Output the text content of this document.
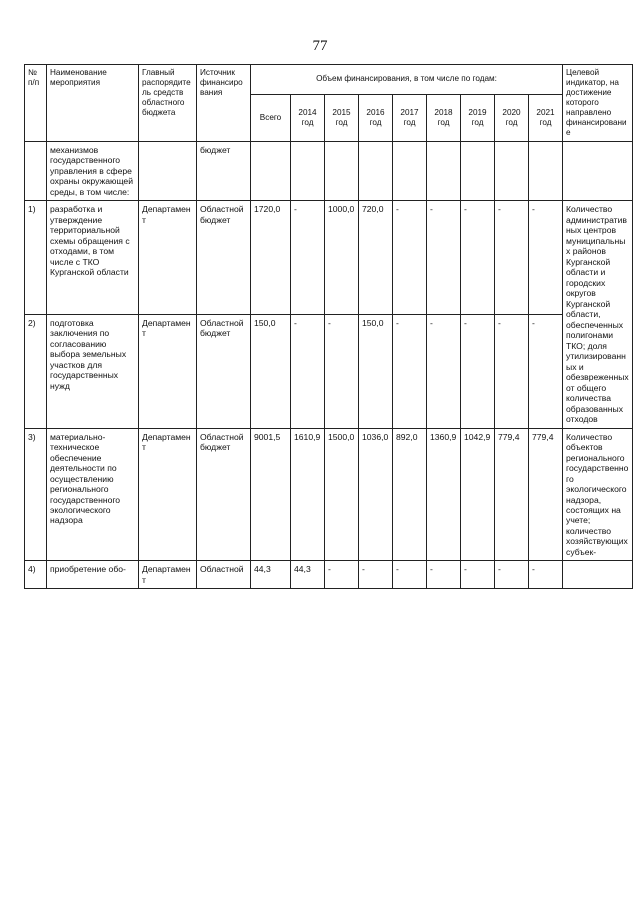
77
№ п/п	Наименование мероприятия	Главный распорядитель средств областного бюджета	Источник финансирования	Объем финансирования, в том числе по годам:									Целевой индикатор, на достижение которого направлено финансирование
				Всего	2014 год	2015 год	2016 год	2017 год	2018 год	2019 год	2020 год	2021 год	
	механизмов государственного управления в сфере охраны окружающей среды, в том числе:		бюджет										
1)	разработка и утверждение территориальной схемы обращения с отходами, в том числе с ТКО Курганской области	Департамент	Областной бюджет	1720,0	-	1000,0	720,0	-	-	-	-	-	Количество административных центров муниципальных районов Курганской области и городских округов Курганской области, обеспеченных полигонами ТКО; доля утилизированных и обезвреженных от общего количества образованных отходов
2)	подготовка заключения по согласованию выбора земельных участков для государственных нужд	Департамент	Областной бюджет	150,0	-	-	150,0	-	-	-	-	-	
3)	материально-техническое обеспечение деятельности по осуществлению регионального государственного экологического надзора	Департамент	Областной бюджет	9001,5	1610,9	1500,0	1036,0	892,0	1360,9	1042,9	779,4	779,4	Количество объектов регионального государственного экологического надзора, состоящих на учете; количество хозяйствующих субъек-
4)	приобретение обо-	Департамент	Областной	44,3	44,3	-	-	-	-	-	-	-	
